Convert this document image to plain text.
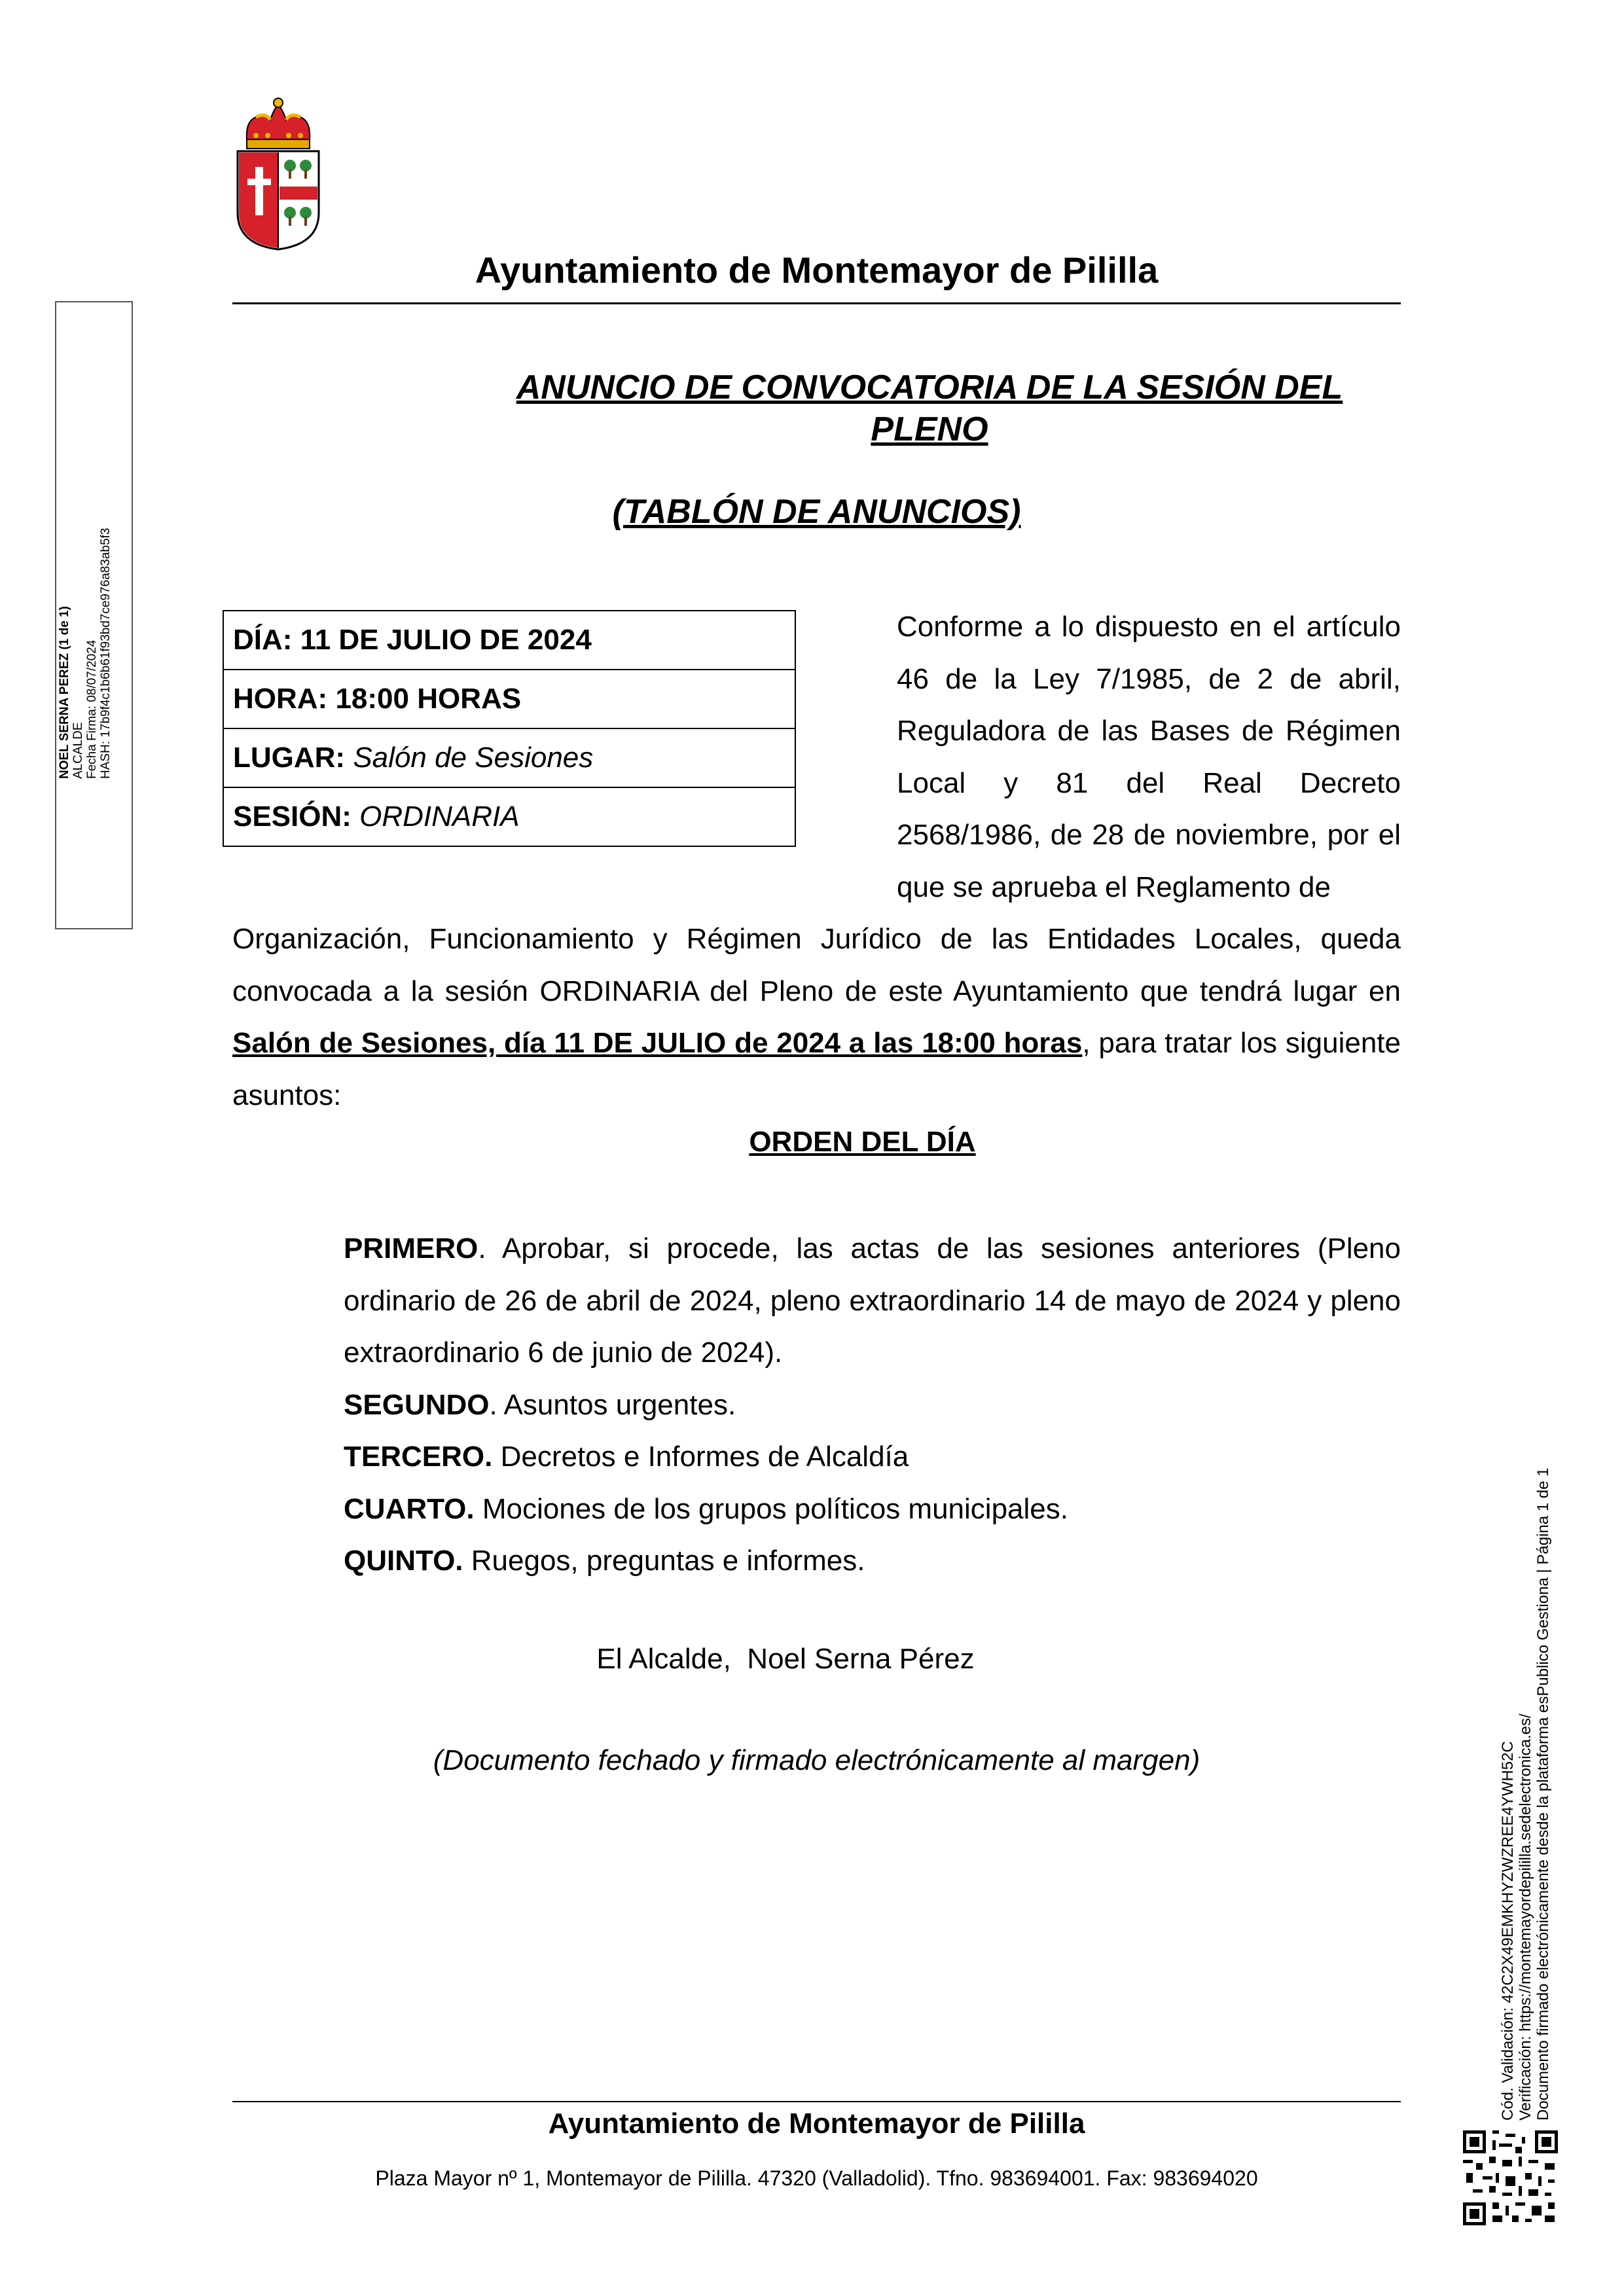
Ayuntamiento de Montemayor de Pililla
ANUNCIO DE CONVOCATORIA DE LA SESIÓN DEL PLENO
(TABLÓN DE ANUNCIOS)
DÍA: 11 DE JULIO DE 2024
HORA: 18:00 HORAS
LUGAR: Salón de Sesiones
SESIÓN: ORDINARIA
Conforme a lo dispuesto en el artículo 46 de la Ley 7/1985, de 2 de abril, Reguladora de las Bases de Régimen Local y 81 del Real Decreto 2568/1986, de 28 de noviembre, por el que se aprueba el Reglamento de
Organización, Funcionamiento y Régimen Jurídico de las Entidades Locales, queda convocada a la sesión ORDINARIA del Pleno de este Ayuntamiento que tendrá lugar en Salón de Sesiones, día 11 DE JULIO de 2024 a las 18:00 horas, para tratar los siguiente asuntos:
ORDEN DEL DÍA

PRIMERO. Aprobar, si procede, las actas de las sesiones anteriores (Pleno ordinario de 26 de abril de 2024, pleno extraordinario 14 de mayo de 2024 y pleno extraordinario 6 de junio de 2024).

SEGUNDO. Asuntos urgentes.

TERCERO. Decretos e Informes de Alcaldía

CUARTO. Mociones de los grupos políticos municipales.

QUINTO. Ruegos, preguntas e informes.

El Alcalde,  Noel Serna Pérez
(Documento fechado y firmado electrónicamente al margen)
Ayuntamiento de Montemayor de Pililla
Plaza Mayor nº 1, Montemayor de Pililla. 47320 (Valladolid). Tfno. 983694001. Fax: 983694020
NOEL SERNA PEREZ (1 de 1) ALCALDE Fecha Firma: 08/07/2024 HASH: 17b9f4c1b6b61f93bd7ce976a83ab5f3
Cód. Validación: 42C2X49EMKHYZWZREE4YWH52C Verificación: https://montemayordepililla.sedelectronica.es/ Documento firmado electrónicamente desde la plataforma esPublico Gestiona | Página 1 de 1
